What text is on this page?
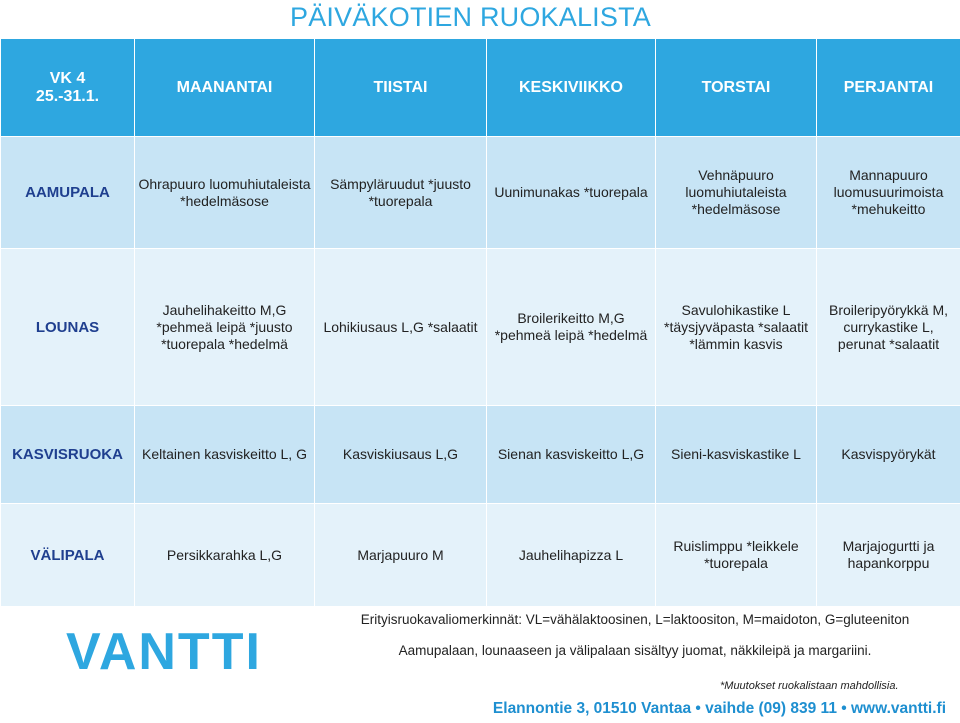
PÄIVÄKOTIEN RUOKALISTA
VK 4
25.-31.1.	MAANANTAI	TIISTAI	KESKIVIIKKO	TORSTAI	PERJANTAI
AAMUPALA	Ohrapuuro luomuhiutaleista *hedelmäsose	Sämpyläruudut *juusto *tuorepala	Uunimunakas *tuorepala	Vehnäpuuro luomuhiutaleista *hedelmäsose	Mannapuuro luomusuurimoista *mehukeitto
LOUNAS	Jauhelihakeitto M,G *pehmeä leipä *juusto *tuorepala *hedelmä	Lohikiusaus L,G *salaatit	Broilerikeitto M,G *pehmeä leipä *hedelmä	Savulohikastike L *täysjyväpasta *salaatit *lämmin kasvis	Broileripyörykkä M, currykastike L, perunat *salaatit
KASVISRUOKA	Keltainen kasviskeitto L, G	Kasviskiusaus L,G	Sienan kasviskeitto L,G	Sieni-kasviskastike L	Kasvispyörykät
VÄLIPALA	Persikkarahka L,G	Marjapuuro M	Jauhelihapizza L	Ruislimppu *leikkele *tuorepala	Marjajogurtti ja hapankorppu
VANTTI
Erityisruokavaliomerkinnät: VL=vähälaktoosinen, L=laktoositon, M=maidoton, G=gluteeniton
Aamupalaan, lounaaseen ja välipalaan sisältyy juomat, näkkileipä ja margariini.
*Muutokset ruokalistaan mahdollisia.
Elannontie 3, 01510 Vantaa • vaihde (09) 839 11 • www.vantti.fi
